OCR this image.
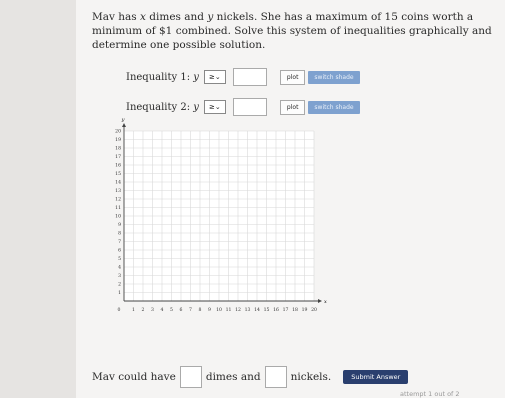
Mav has 𝑥 dimes and 𝑦 nickels. She has a maximum of 15 coins worth a minimum of $1 combined. Solve this system of inequalities graphically and determine one possible solution.
Inequality 1: 𝑦 ≥ ⌄	plot	switch shade
Inequality 2: 𝑦 ≥ ⌄	plot	switch shade
y
x
1 2 3 4 5 6 7 8 9 10 11 12 13 14 15 16 17 18 19 20
1
2
3
4
5
6
7
8
9
10
11
12
13
14
15
16
17
18
19
20
0
Mav could have	dimes and	nickels.	Submit Answer
attempt 1 out of 2
